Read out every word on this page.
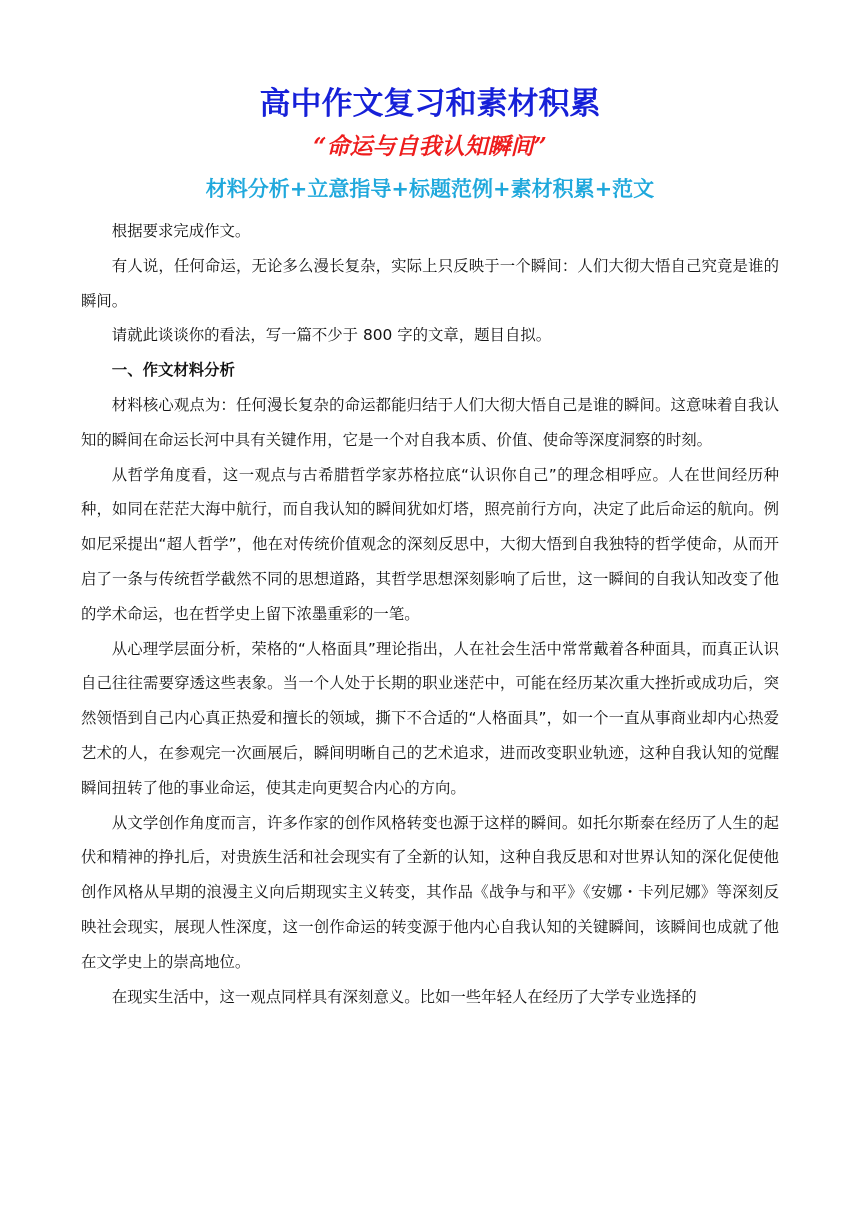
高中作文复习和素材积累
“命运与自我认知瞬间”
材料分析+立意指导+标题范例+素材积累+范文

根据要求完成作文。

有人说，任何命运，无论多么漫长复杂，实际上只反映于一个瞬间：人们大彻大悟自己究竟是谁的瞬间。

请就此谈谈你的看法，写一篇不少于 800 字的文章，题目自拟。

一、作文材料分析

材料核心观点为：任何漫长复杂的命运都能归结于人们大彻大悟自己是谁的瞬间。这意味着自我认知的瞬间在命运长河中具有关键作用，它是一个对自我本质、价值、使命等深度洞察的时刻。

从哲学角度看，这一观点与古希腊哲学家苏格拉底“认识你自己”的理念相呼应。人在世间经历种种，如同在茫茫大海中航行，而自我认知的瞬间犹如灯塔，照亮前行方向，决定了此后命运的航向。例如尼采提出“超人哲学”，他在对传统价值观念的深刻反思中，大彻大悟到自我独特的哲学使命，从而开启了一条与传统哲学截然不同的思想道路，其哲学思想深刻影响了后世，这一瞬间的自我认知改变了他的学术命运，也在哲学史上留下浓墨重彩的一笔。

从心理学层面分析，荣格的“人格面具”理论指出，人在社会生活中常常戴着各种面具，而真正认识自己往往需要穿透这些表象。当一个人处于长期的职业迷茫中，可能在经历某次重大挫折或成功后，突然领悟到自己内心真正热爱和擅长的领域，撕下不合适的“人格面具”，如一个一直从事商业却内心热爱艺术的人，在参观完一次画展后，瞬间明晰自己的艺术追求，进而改变职业轨迹，这种自我认知的觉醒瞬间扭转了他的事业命运，使其走向更契合内心的方向。

从文学创作角度而言，许多作家的创作风格转变也源于这样的瞬间。如托尔斯泰在经历了人生的起伏和精神的挣扎后，对贵族生活和社会现实有了全新的认知，这种自我反思和对世界认知的深化促使他创作风格从早期的浪漫主义向后期现实主义转变，其作品《战争与和平》《安娜・卡列尼娜》等深刻反映社会现实，展现人性深度，这一创作命运的转变源于他内心自我认知的关键瞬间，该瞬间也成就了他在文学史上的崇高地位。

在现实生活中，这一观点同样具有深刻意义。比如一些年轻人在经历了大学专业选择的
